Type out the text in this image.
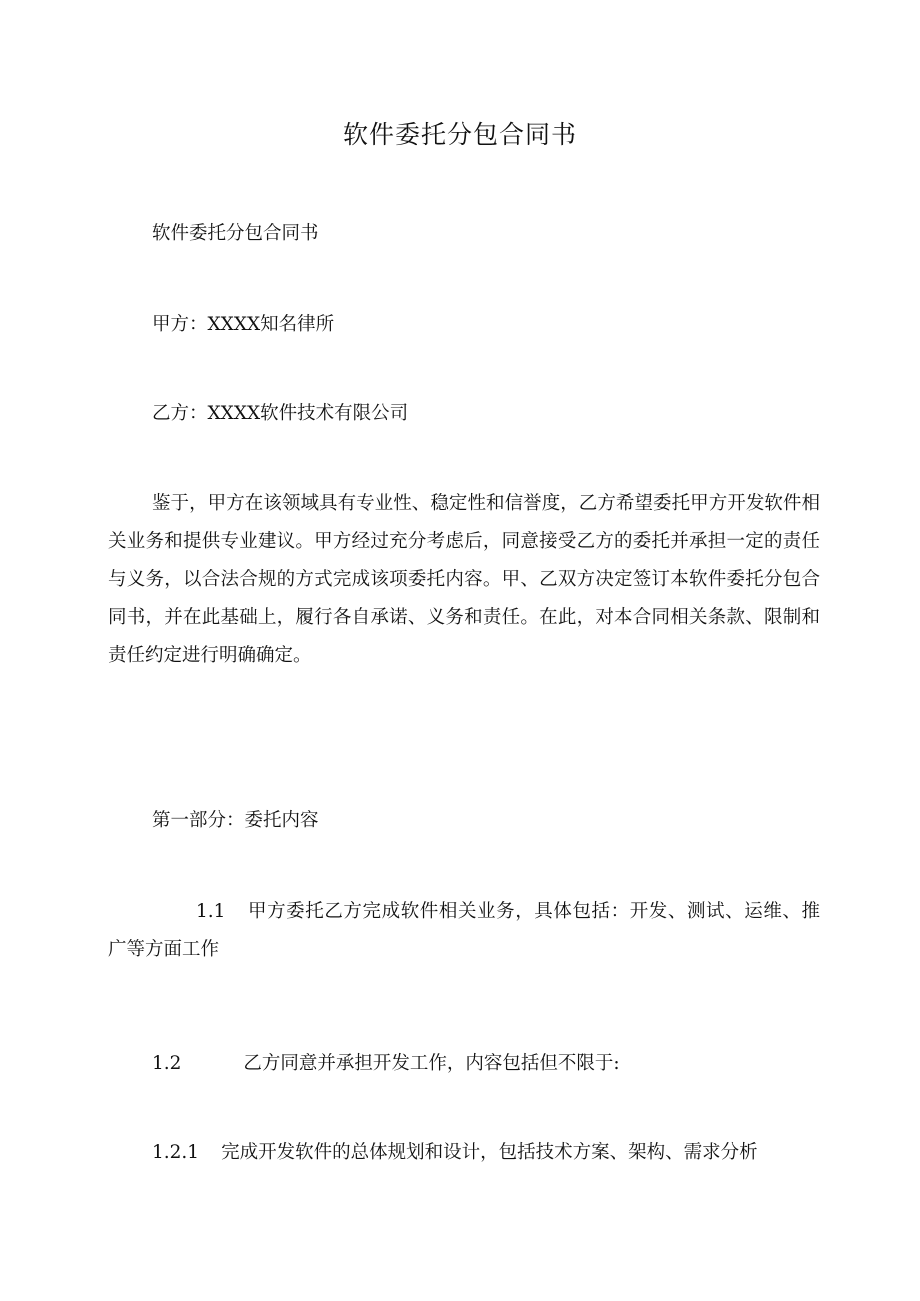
软件委托分包合同书
软件委托分包合同书
甲方：XXXX知名律所
乙方：XXXX软件技术有限公司
鉴于，甲方在该领域具有专业性、稳定性和信誉度，乙方希望委托甲方开发软件相关业务和提供专业建议。甲方经过充分考虑后，同意接受乙方的委托并承担一定的责任与义务，以合法合规的方式完成该项委托内容。甲、乙双方决定签订本软件委托分包合同书，并在此基础上，履行各自承诺、义务和责任。在此，对本合同相关条款、限制和责任约定进行明确确定。
第一部分：委托内容
1.1 甲方委托乙方完成软件相关业务，具体包括：开发、测试、运维、推广等方面工作
1.2	乙方同意并承担开发工作，内容包括但不限于:
1.2.1 完成开发软件的总体规划和设计，包括技术方案、架构、需求分析
